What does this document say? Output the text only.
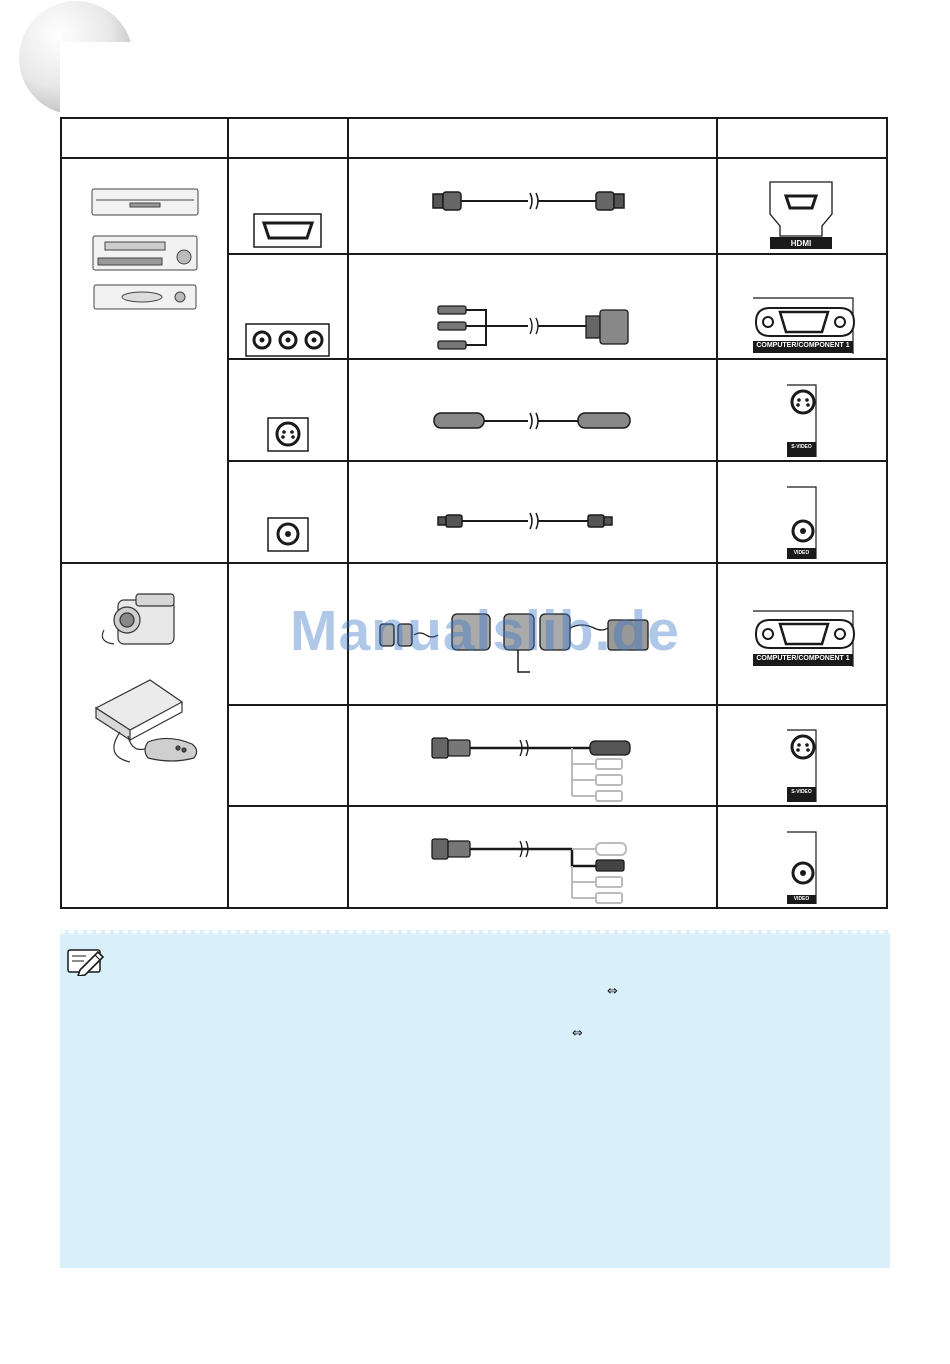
HDMI
COMPUTER/COMPONENT 1
S-VIDEO
VIDEO
COMPUTER/COMPONENT 1
S-VIDEO
VIDEO
Manualslib.de
⇔
⇔
